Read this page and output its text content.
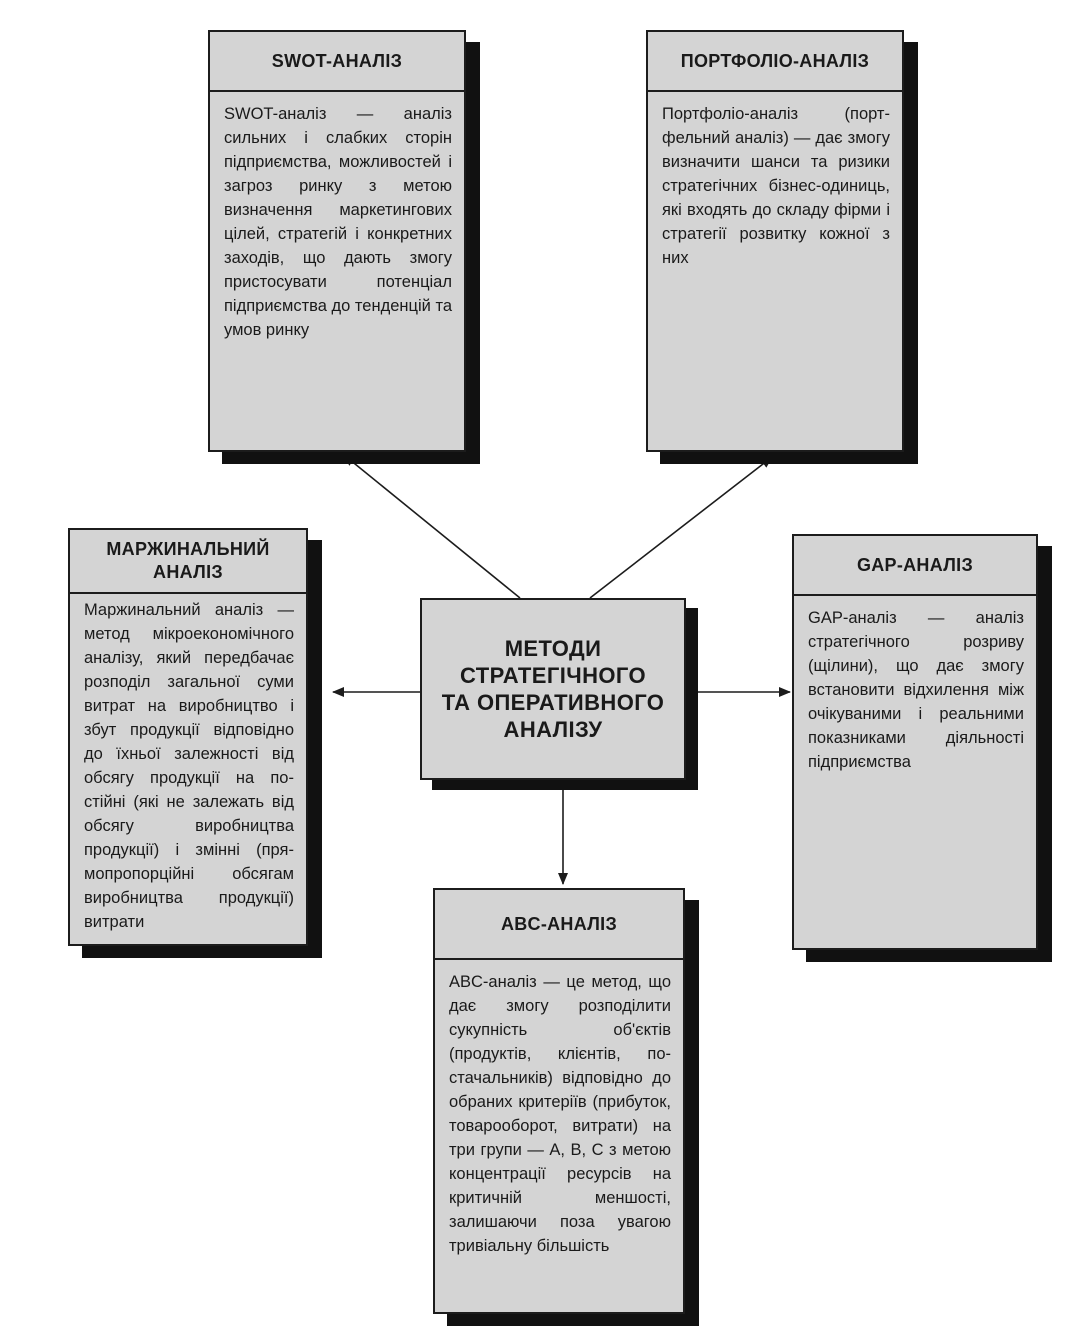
SWOT-АНАЛІЗ
SWOT-аналіз — аналіз сильних і слабких сторін підприємства, можливостей і загроз ринку з метою визначення маркетингових цілей, стратегій і конкретних заходів, що дають змогу пристосувати потенціал підприємства до тенденцій та умов ринку
ПОРТФОЛІО-АНАЛІЗ
Портфоліо-аналіз (портфельний аналіз) — дає змогу визначити шанси та ризики стратегічних бізнес-одиниць, які входять до складу фірми і стратегії розвитку кожної з них
МАРЖИНАЛЬНИЙ АНАЛІЗ
Маржинальний аналіз — метод мікроекономічного аналізу, який передбачає розподіл загальної суми витрат на виробництво і збут продукції відповідно до їхньої залежності від обсягу продукції на постійні (які не залежать від обсягу виробництва продукції) і змінні (прямопропорційні обсягам виробництва продукції) витрати
МЕТОДИ
СТРАТЕГІЧНОГО
ТА ОПЕРАТИВНОГО
АНАЛІЗУ
GAP-АНАЛІЗ
GAP-аналіз — аналіз стратегічного розриву (щілини), що дає змогу встановити відхилення між очікуваними і реальними показниками діяльності підприємства
ABC-АНАЛІЗ
ABC-аналіз — це метод, що дає змогу розподілити сукупність об'єктів (продуктів, клієнтів, постачальників) відповідно до обраних критеріїв (прибуток, товарооборот, витрати) на три групи — А, В, С з метою концентрації ресурсів на критичній меншості, залишаючи поза увагою тривіальну більшість
